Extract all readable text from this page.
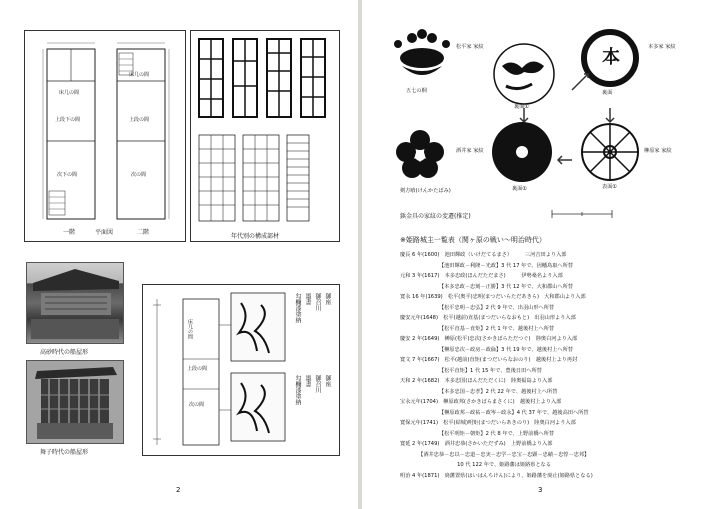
床几の間
上段下の間
次下の間
床几の間
上段の間
次の間
一階	平面図	二階
年代別の構成部材
高砂時代の船屋形
舞子時代の船屋形
床几の間
上段の間
次の間
勾欄漆塗納 墨書 御召川 御座
勾欄漆塗納 墨書 御召川 御座
2
本
五七の桐
松平家 家紋	本多家 家紋
裏面①
裏面
酒井家 家紋	榊原家 家紋
裏面①	表面①
剣方喰(けんかたばみ)
鋲金具の家紋の変遷(推定)
※姫路城主一覧表（関ヶ原の戦い～明治時代）
慶長 6 年(1600)　池田輝政（いけだてるまさ）　　　三河吉田より入部
　　　　　　　　【池田輝政－利隆－光政】3 代 17 年で、因幡鳥取へ所替
元和 3 年(1617)　本多忠政(ほんだただまさ)　　　伊勢桑名より入部
　　　　　　　　【本多忠政－忠刻－正勝】3 代 12 年で、大和郡山へ所替
寛永 16 年(1639)　松平(奥平)忠明(まつだいらただあきら)　大和郡山より入部
　　　　　　　　【松平忠明－忠弘】2 代 9 年で、出羽山形へ所替
慶安元年(1648)　松平(越前)直基(まつだいらなおもと)　出羽山形より入部
　　　　　　　　【松平直基－直矩】2 代 1 年で、越後村上へ所替
慶安 2 年(1649)　榊原(松平)忠次(さかきばらただつぐ)　陸奥白河より入部
　　　　　　　　【榊原忠次－政房－政倫】3 代 19 年で、越後村上へ所替
寛文 7 年(1667)　松平(越前)直矩(まつだいらなおのり)　越後村上より再封
　　　　　　　　【松平直矩】1 代 15 年で、豊後日田へ所替
天和 2 年(1682)　本多忠国(ほんだただくに)　陸奥福島より入部
　　　　　　　　【本多忠国－忠孝】2 代 22 年で、越後村上へ所替
宝永元年(1704)　榊原政邦(さかきばらまさくに)　越後村上より入部
　　　　　　　　【榊原政邦－政祐－政岑－政永】4 代 37 年で、越後高田へ所替
寛保元年(1741)　松平(結城)明矩(まつだいらあきのり)　陸奥白河より入部
　　　　　　　　【松平明矩－朝矩】2 代 8 年で、上野前橋へ所替
寛延 2 年(1749)　酒井忠恭(さかいただずみ)　上野前橋より入部
　　　　【酒井忠恭－忠以－忠道－忠実－忠学－忠宝－忠顕－忠績－忠惇－忠邦】
　　　　　　　　　　　10 代 122 年で、姫路藩は姫路県となる
明治 4 年(1871)　廃藩置県(はいはんちけん)により、姫路藩を廃止(姫路県となる)
3
